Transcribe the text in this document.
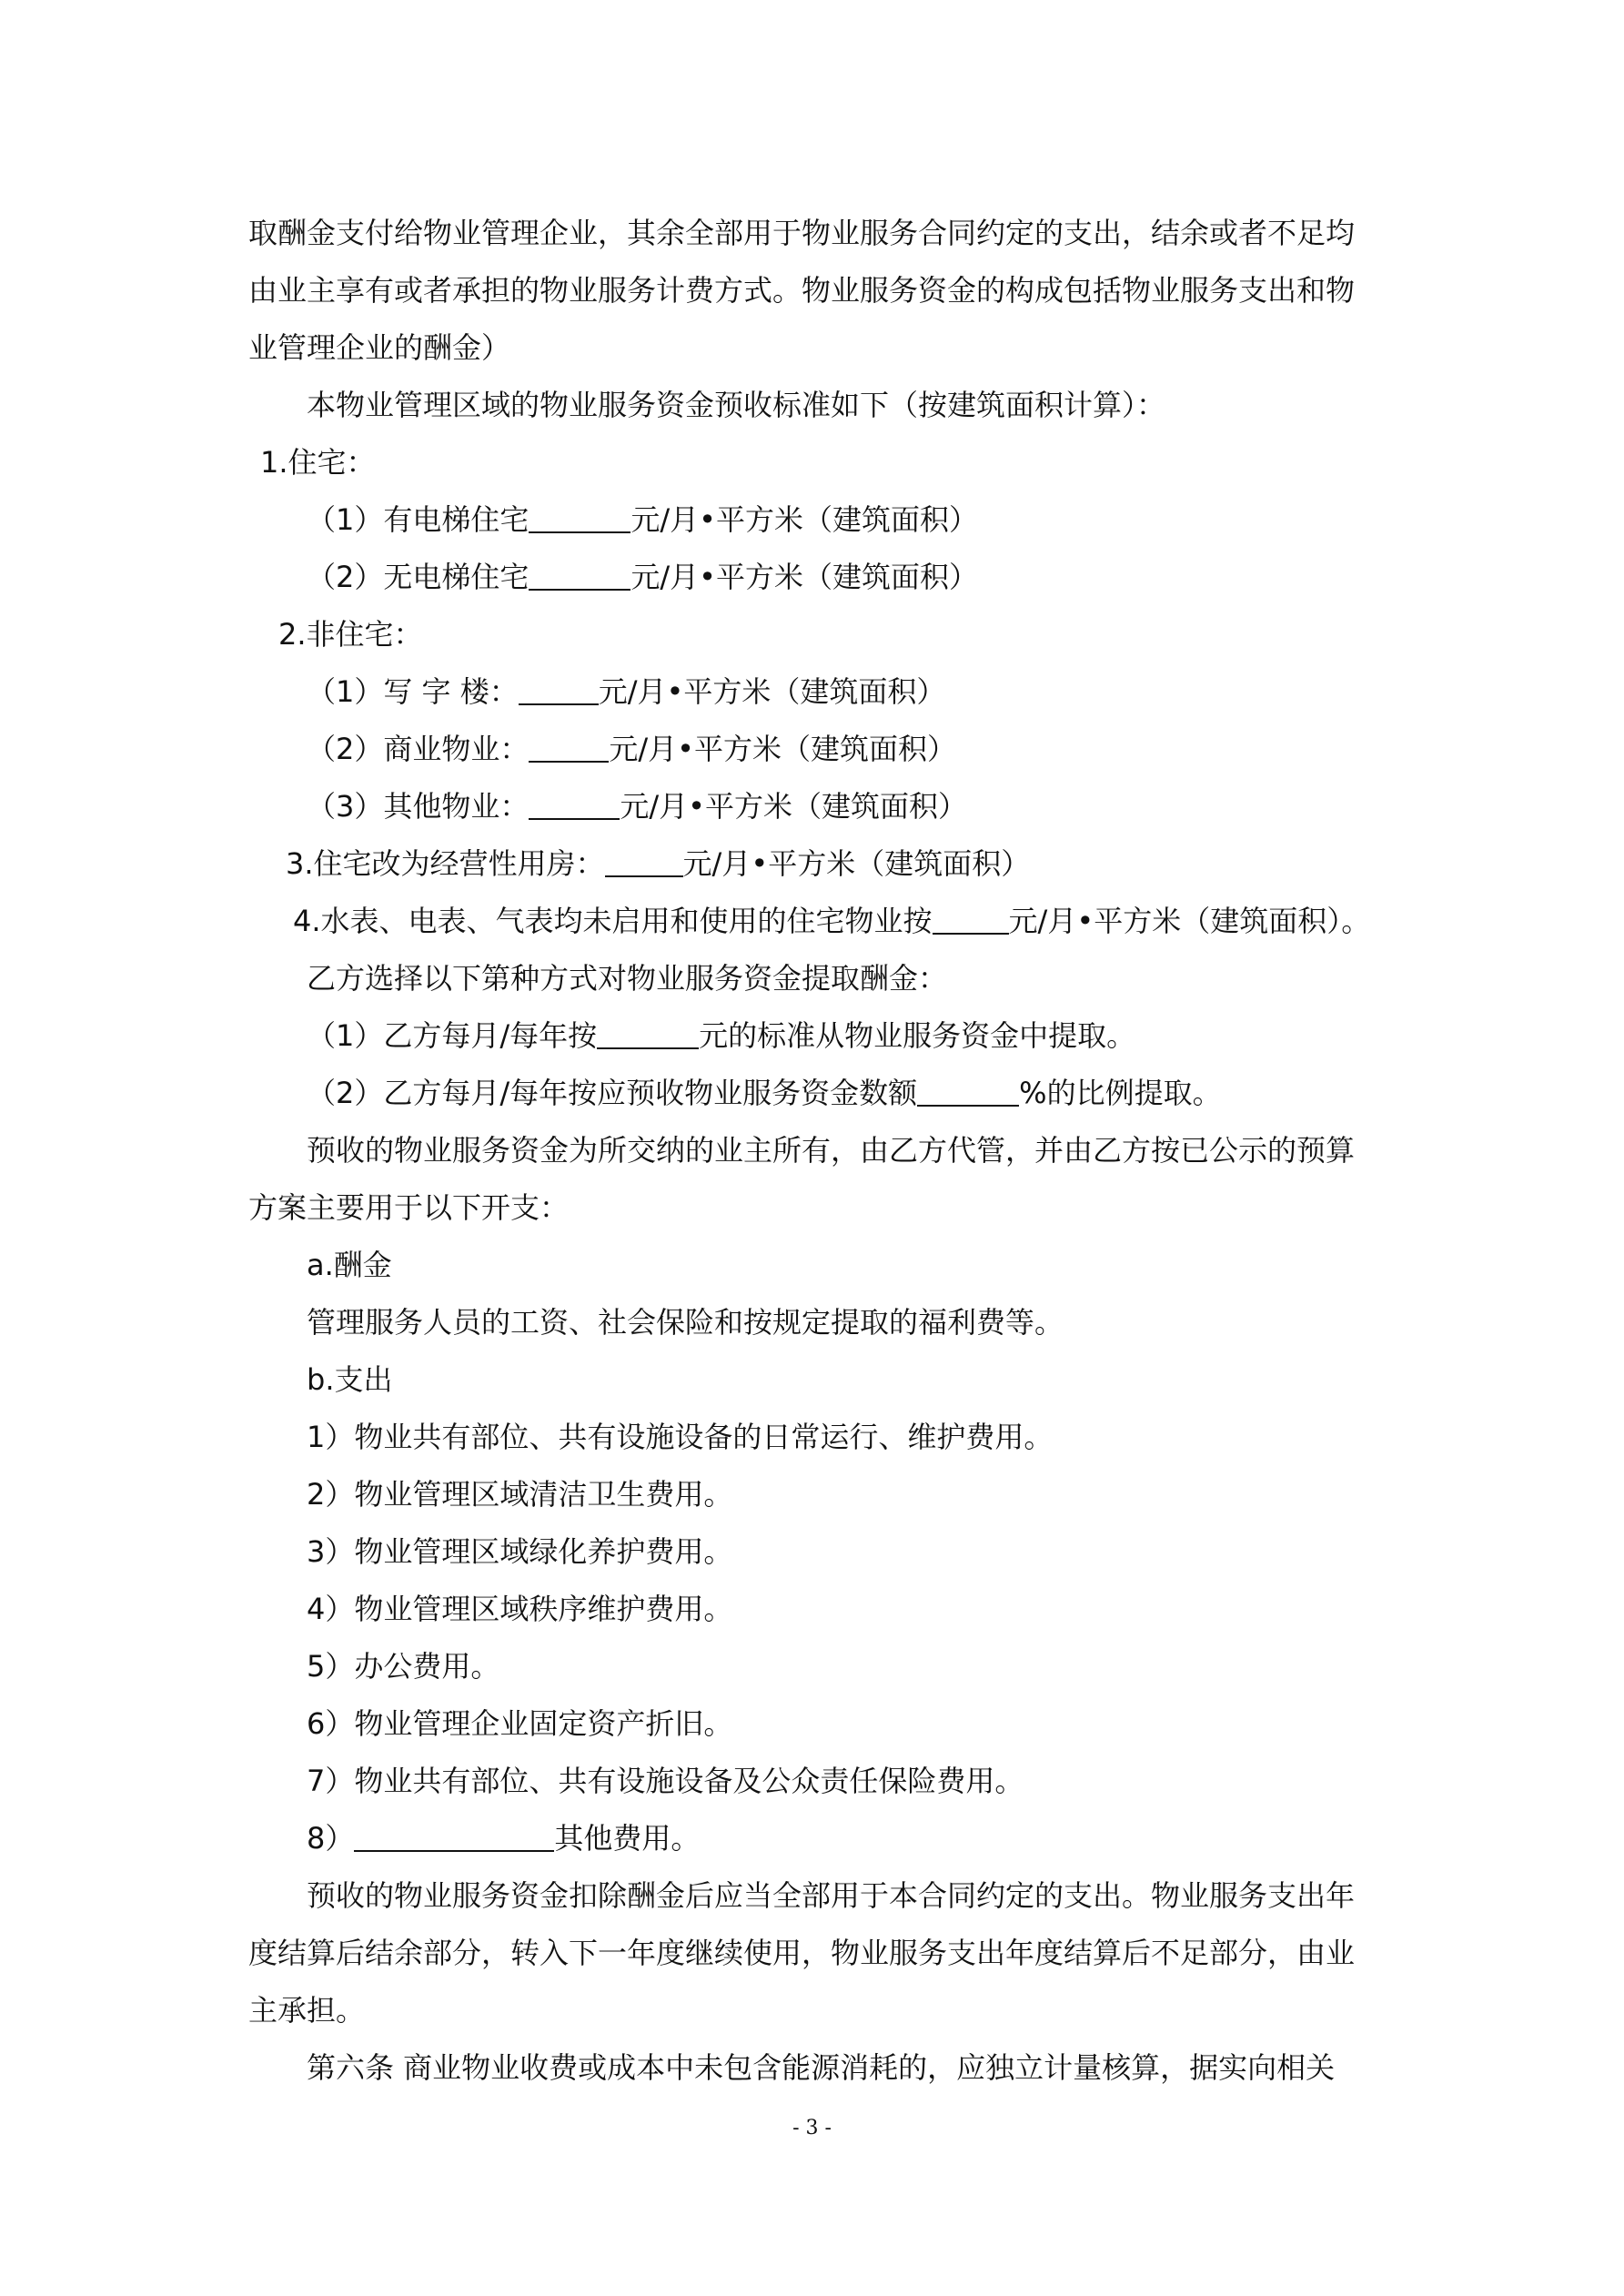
取酬金支付给物业管理企业，其余全部用于物业服务合同约定的支出，结余或者不足均
由业主享有或者承担的物业服务计费方式。物业服务资金的构成包括物业服务支出和物
业管理企业的酬金）
本物业管理区域的物业服务资金预收标准如下（按建筑面积计算）：
1.住宅：
（1）有电梯住宅	元/月•平方米（建筑面积）
（2）无电梯住宅	元/月•平方米（建筑面积）
2.非住宅：
（1）写 字 楼：	元/月•平方米（建筑面积）
（2）商业物业：	元/月•平方米（建筑面积）
（3）其他物业：	元/月•平方米（建筑面积）
3.住宅改为经营性用房：	元/月•平方米（建筑面积）
4.水表、电表、气表均未启用和使用的住宅物业按	元/月•平方米（建筑面积）。
乙方选择以下第种方式对物业服务资金提取酬金：
（1）乙方每月/每年按	元的标准从物业服务资金中提取。
（2）乙方每月/每年按应预收物业服务资金数额	%的比例提取。
预收的物业服务资金为所交纳的业主所有，由乙方代管，并由乙方按已公示的预算
方案主要用于以下开支：
a.酬金
管理服务人员的工资、社会保险和按规定提取的福利费等。
b.支出
1）物业共有部位、共有设施设备的日常运行、维护费用。
2）物业管理区域清洁卫生费用。
3）物业管理区域绿化养护费用。
4）物业管理区域秩序维护费用。
5）办公费用。
6）物业管理企业固定资产折旧。
7）物业共有部位、共有设施设备及公众责任保险费用。
8）	其他费用。
预收的物业服务资金扣除酬金后应当全部用于本合同约定的支出。物业服务支出年
度结算后结余部分，转入下一年度继续使用，物业服务支出年度结算后不足部分，由业
主承担。
第六条 商业物业收费或成本中未包含能源消耗的，应独立计量核算，据实向相关
- 3 -
